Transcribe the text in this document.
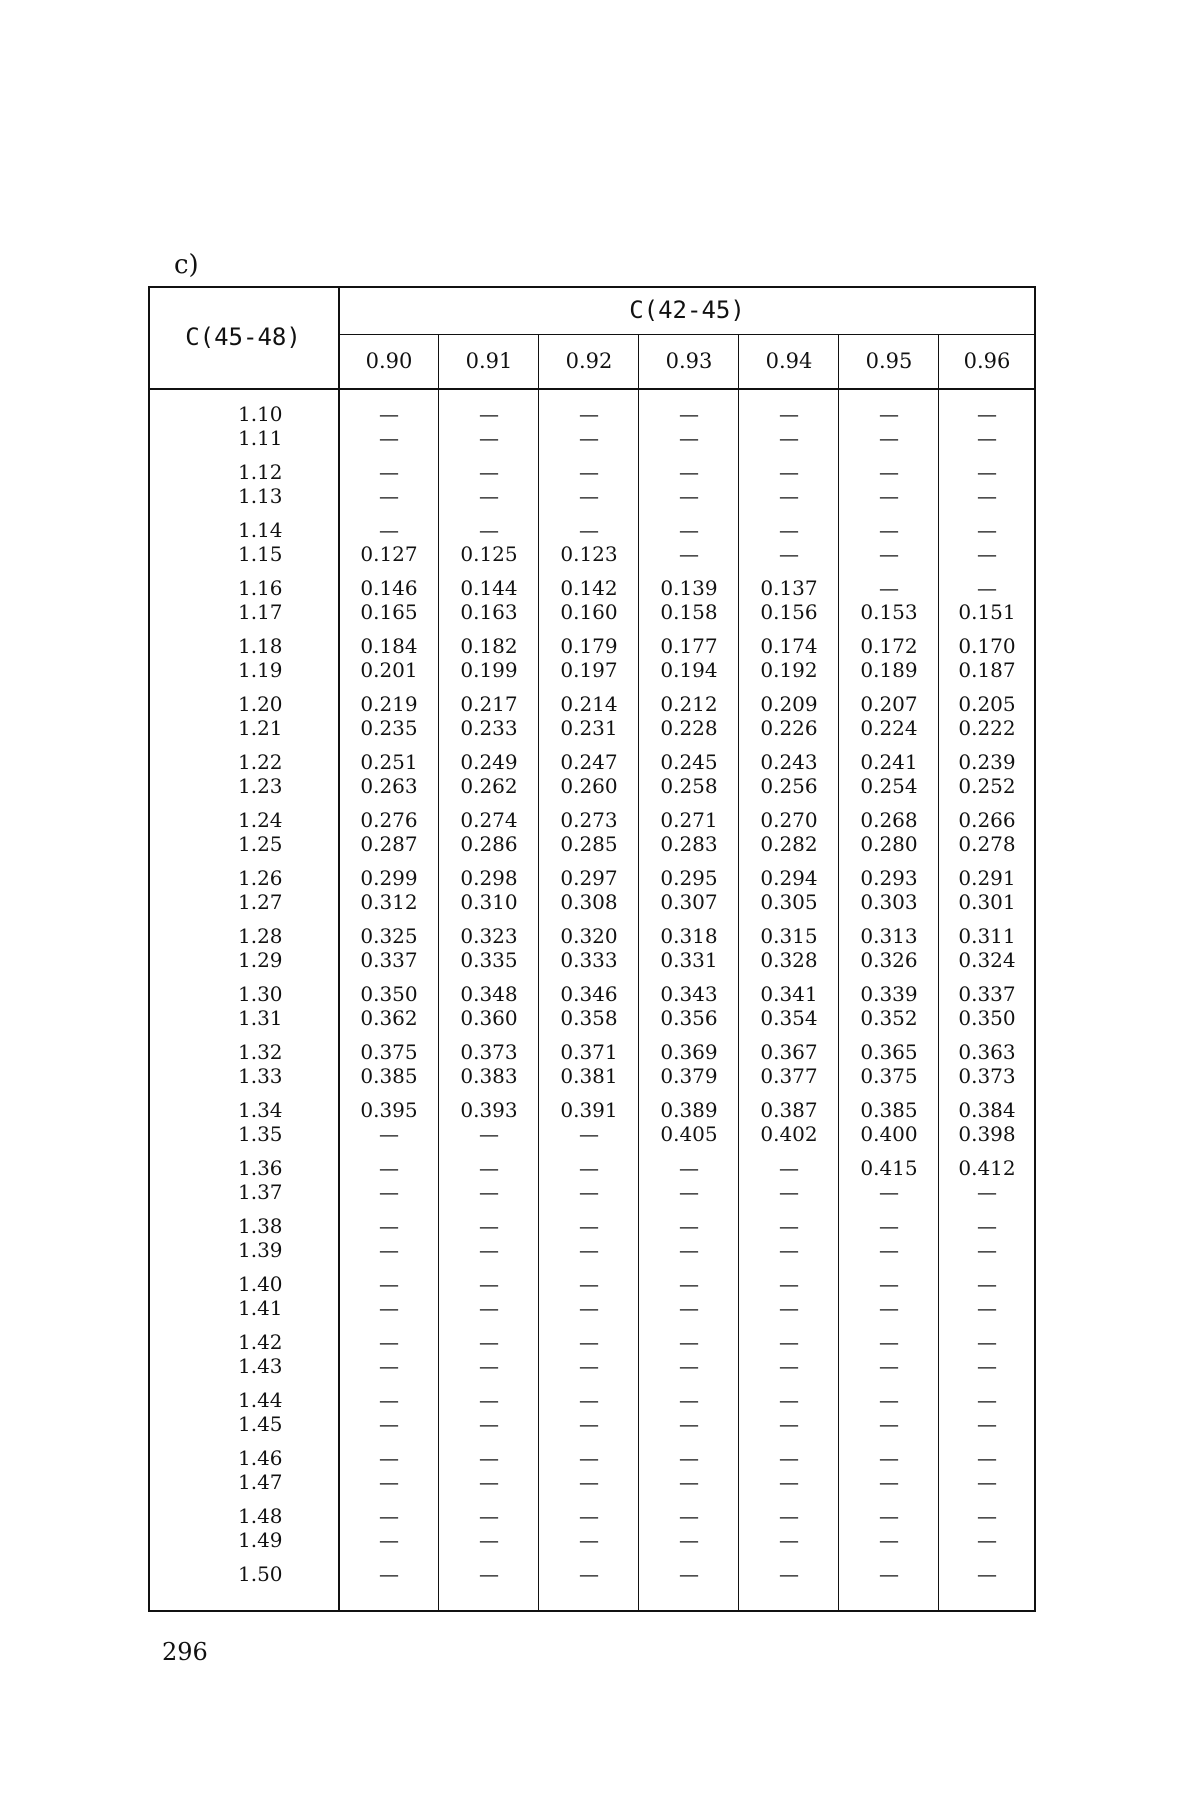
c)
C(45-48)
C(42-45)
0.90	0.91	0.92	0.93	0.94	0.95	0.96
1.10	—	—	—	—	—	—	—
1.11	—	—	—	—	—	—	—
1.12	—	—	—	—	—	—	—
1.13	—	—	—	—	—	—	—
1.14	—	—	—	—	—	—	—
1.15	0.127	0.125	0.123	—	—	—	—
1.16	0.146	0.144	0.142	0.139	0.137	—	—
1.17	0.165	0.163	0.160	0.158	0.156	0.153	0.151
1.18	0.184	0.182	0.179	0.177	0.174	0.172	0.170
1.19	0.201	0.199	0.197	0.194	0.192	0.189	0.187
1.20	0.219	0.217	0.214	0.212	0.209	0.207	0.205
1.21	0.235	0.233	0.231	0.228	0.226	0.224	0.222
1.22	0.251	0.249	0.247	0.245	0.243	0.241	0.239
1.23	0.263	0.262	0.260	0.258	0.256	0.254	0.252
1.24	0.276	0.274	0.273	0.271	0.270	0.268	0.266
1.25	0.287	0.286	0.285	0.283	0.282	0.280	0.278
1.26	0.299	0.298	0.297	0.295	0.294	0.293	0.291
1.27	0.312	0.310	0.308	0.307	0.305	0.303	0.301
1.28	0.325	0.323	0.320	0.318	0.315	0.313	0.311
1.29	0.337	0.335	0.333	0.331	0.328	0.326	0.324
1.30	0.350	0.348	0.346	0.343	0.341	0.339	0.337
1.31	0.362	0.360	0.358	0.356	0.354	0.352	0.350
1.32	0.375	0.373	0.371	0.369	0.367	0.365	0.363
1.33	0.385	0.383	0.381	0.379	0.377	0.375	0.373
1.34	0.395	0.393	0.391	0.389	0.387	0.385	0.384
1.35	—	—	—	0.405	0.402	0.400	0.398
1.36	—	—	—	—	—	0.415	0.412
1.37	—	—	—	—	—	—	—
1.38	—	—	—	—	—	—	—
1.39	—	—	—	—	—	—	—
1.40	—	—	—	—	—	—	—
1.41	—	—	—	—	—	—	—
1.42	—	—	—	—	—	—	—
1.43	—	—	—	—	—	—	—
1.44	—	—	—	—	—	—	—
1.45	—	—	—	—	—	—	—
1.46	—	—	—	—	—	—	—
1.47	—	—	—	—	—	—	—
1.48	—	—	—	—	—	—	—
1.49	—	—	—	—	—	—	—
1.50	—	—	—	—	—	—	—
296
